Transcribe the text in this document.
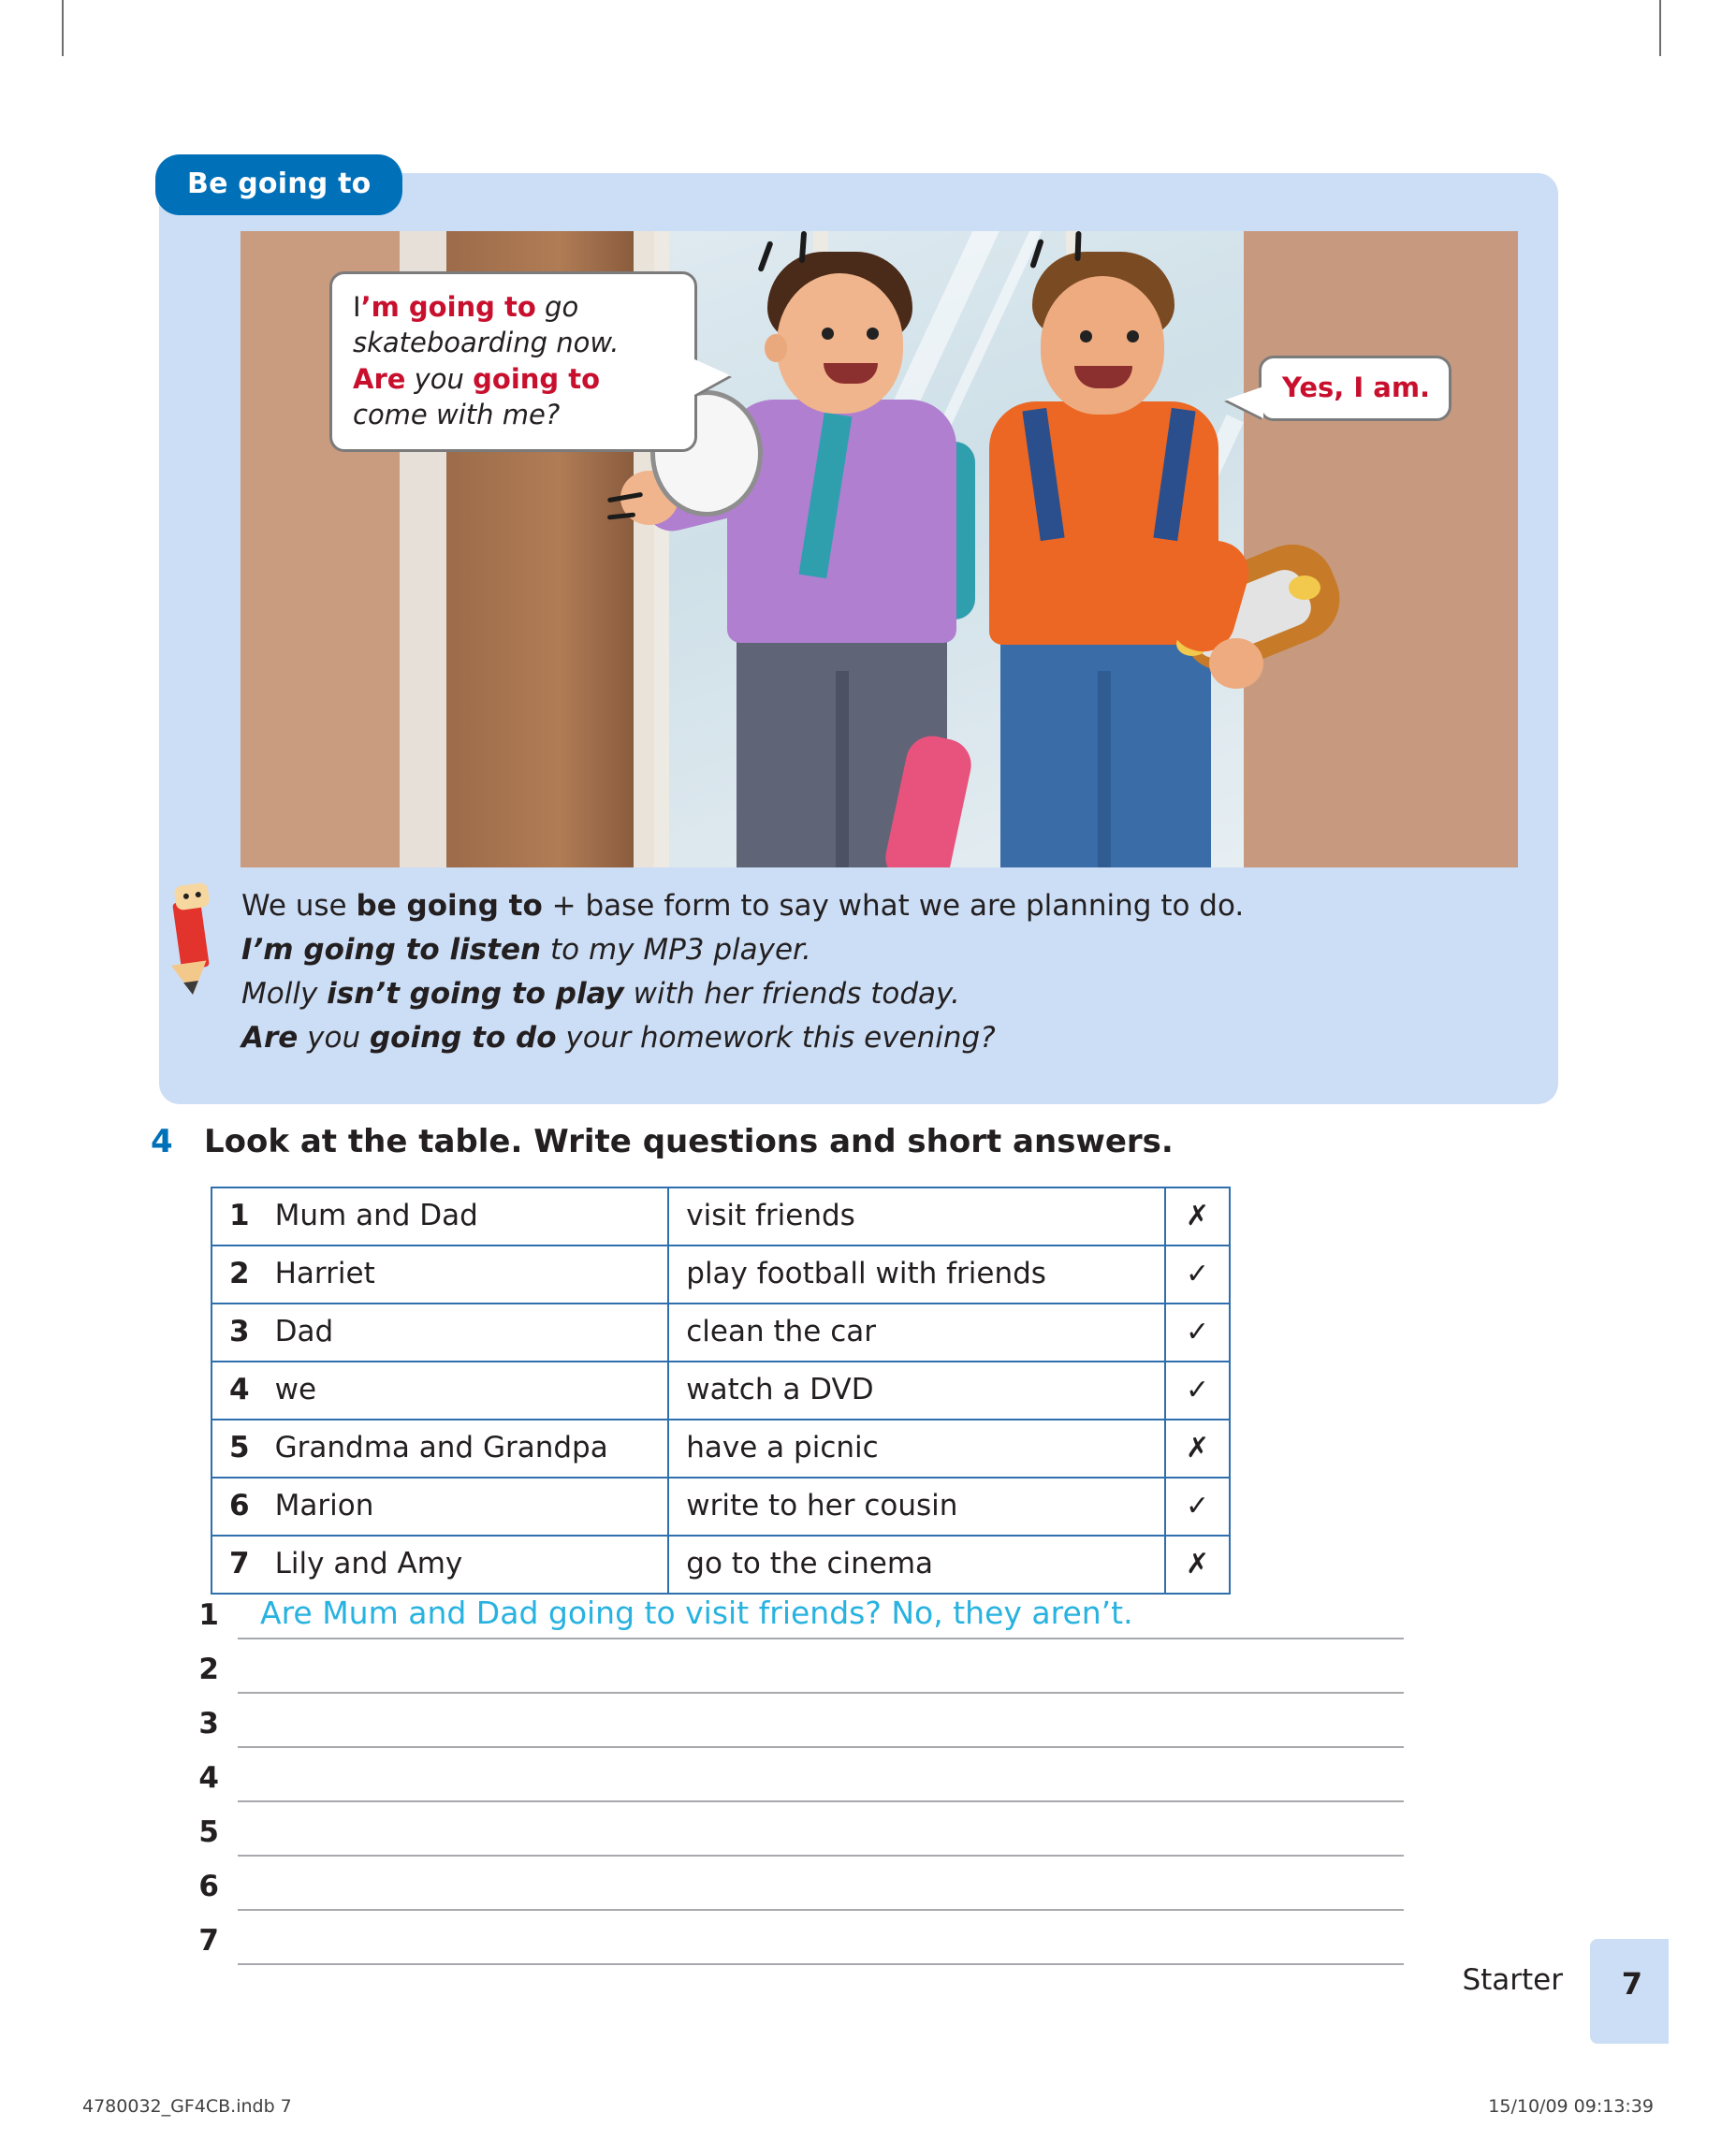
Be going to
I’m going to go
skateboarding now.
Are you going to
come with me?
Yes, I am.
We use be going to + base form to say what we are planning to do.
I’m going to listen to my MP3 player.
Molly isn’t going to play with her friends today.
Are you going to do your homework this evening?
4 Look at the table. Write questions and short answers.
1	Mum and Dad	visit friends	✗
2	Harriet	play football with friends	✓
3	Dad	clean the car	✓
4	we	watch a DVD	✓
5	Grandma and Grandpa	have a picnic	✗
6	Marion	write to her cousin	✓
7	Lily and Amy	go to the cinema	✗
1 Are Mum and Dad going to visit friends? No, they aren’t.
2
3
4
5
6
7
Starter 7
4780032_GF4CB.indb 7	15/10/09 09:13:39
